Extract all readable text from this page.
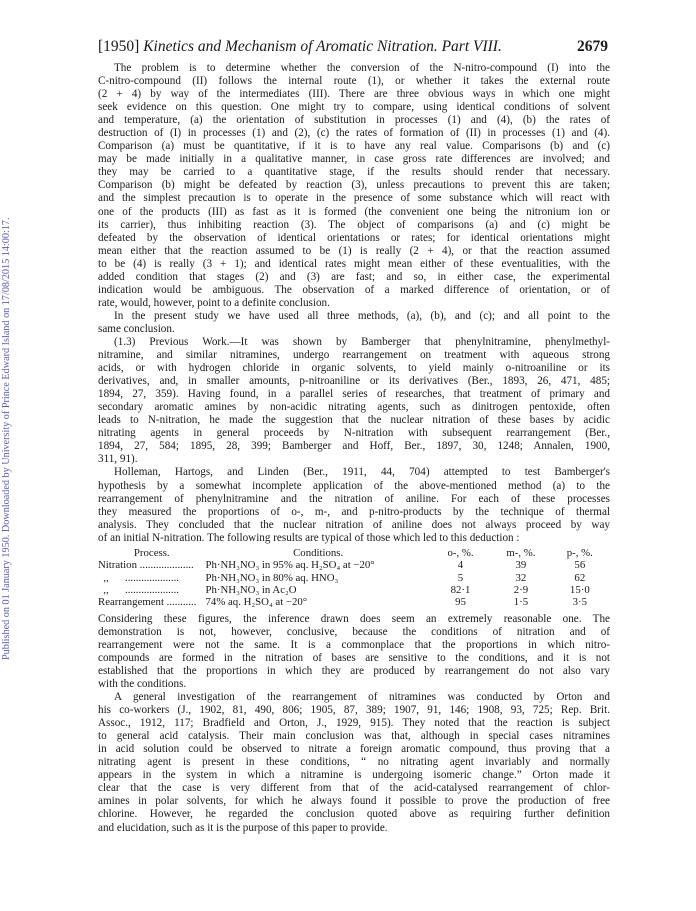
Published on 01 January 1950. Downloaded by University of Prince Edward Island on 17/08/2015 14:00:17.
[1950] Kinetics and Mechanism of Aromatic Nitration. Part VIII.	2679
The problem is to determine whether the conversion of the N-nitro-compound (I) into the
C-nitro-compound (II) follows the internal route (1), or whether it takes the external route
(2 + 4) by way of the intermediates (III). There are three obvious ways in which one might
seek evidence on this question. One might try to compare, using identical conditions of solvent
and temperature, (a) the orientation of substitution in processes (1) and (4), (b) the rates of
destruction of (I) in processes (1) and (2), (c) the rates of formation of (II) in processes (1) and (4).
Comparison (a) must be quantitative, if it is to have any real value. Comparisons (b) and (c)
may be made initially in a qualitative manner, in case gross rate differences are involved; and
they may be carried to a quantitative stage, if the results should render that necessary.
Comparison (b) might be defeated by reaction (3), unless precautions to prevent this are taken;
and the simplest precaution is to operate in the presence of some substance which will react with
one of the products (III) as fast as it is formed (the convenient one being the nitronium ion or
its carrier), thus inhibiting reaction (3). The object of comparisons (a) and (c) might be
defeated by the observation of identical orientations or rates; for identical orientations might
mean either that the reaction assumed to be (1) is really (2 + 4), or that the reaction assumed
to be (4) is really (3 + 1); and identical rates might mean either of these eventualities, with the
added condition that stages (2) and (3) are fast; and so, in either case, the experimental
indication would be ambiguous. The observation of a marked difference of orientation, or of
rate, would, however, point to a definite conclusion.
In the present study we have used all three methods, (a), (b), and (c); and all point to the
same conclusion.
(1.3) Previous Work.—It was shown by Bamberger that phenylnitramine, phenylmethyl-
nitramine, and similar nitramines, undergo rearrangement on treatment with aqueous strong
acids, or with hydrogen chloride in organic solvents, to yield mainly o-nitroaniline or its
derivatives, and, in smaller amounts, p-nitroaniline or its derivatives (Ber., 1893, 26, 471, 485;
1894, 27, 359). Having found, in a parallel series of researches, that treatment of primary and
secondary aromatic amines by non-acidic nitrating agents, such as dinitrogen pentoxide, often
leads to N-nitration, he made the suggestion that the nuclear nitration of these bases by acidic
nitrating agents in general proceeds by N-nitration with subsequent rearrangement (Ber.,
1894, 27, 584; 1895, 28, 399; Bamberger and Hoff, Ber., 1897, 30, 1248; Annalen, 1900,
311, 91).
Holleman, Hartogs, and Linden (Ber., 1911, 44, 704) attempted to test Bamberger's
hypothesis by a somewhat incomplete application of the above-mentioned method (a) to the
rearrangement of phenylnitramine and the nitration of aniline. For each of these processes
they measured the proportions of o-, m-, and p-nitro-products by the technique of thermal
analysis. They concluded that the nuclear nitration of aniline does not always proceed by way
of an initial N-nitration. The following results are typical of those which led to this deduction :
Process.	Conditions.	o-, %.	m-, %.	p-, %.
Nitration ....................	Ph·NH₃NO₃ in 95% aq. H₂SO₄ at −20°	4	39	56
,,      ....................	Ph·NH₃NO₃ in 80% aq. HNO₃	5	32	62
,,      ....................	Ph·NH₃NO₃ in Ac₂O	82·1	2·9	15·0
Rearrangement ...........	74% aq. H₂SO₄ at −20°	95	1·5	3·5
Considering these figures, the inference drawn does seem an extremely reasonable one. The
demonstration is not, however, conclusive, because the conditions of nitration and of
rearrangement were not the same. It is a commonplace that the proportions in which nitro-
compounds are formed in the nitration of bases are sensitive to the conditions, and it is not
established that the proportions in which they are produced by rearrangement do not also vary
with the conditions.
A general investigation of the rearrangement of nitramines was conducted by Orton and
his co-workers (J., 1902, 81, 490, 806; 1905, 87, 389; 1907, 91, 146; 1908, 93, 725; Rep. Brit.
Assoc., 1912, 117; Bradfield and Orton, J., 1929, 915). They noted that the reaction is subject
to general acid catalysis. Their main conclusion was that, although in special cases nitramines
in acid solution could be observed to nitrate a foreign aromatic compound, thus proving that a
nitrating agent is present in these conditions, “ no nitrating agent invariably and normally
appears in the system in which a nitramine is undergoing isomeric change.” Orton made it
clear that the case is very different from that of the acid-catalysed rearrangement of chlor-
amines in polar solvents, for which he always found it possible to prove the production of free
chlorine. However, he regarded the conclusion quoted above as requiring further definition
and elucidation, such as it is the purpose of this paper to provide.
